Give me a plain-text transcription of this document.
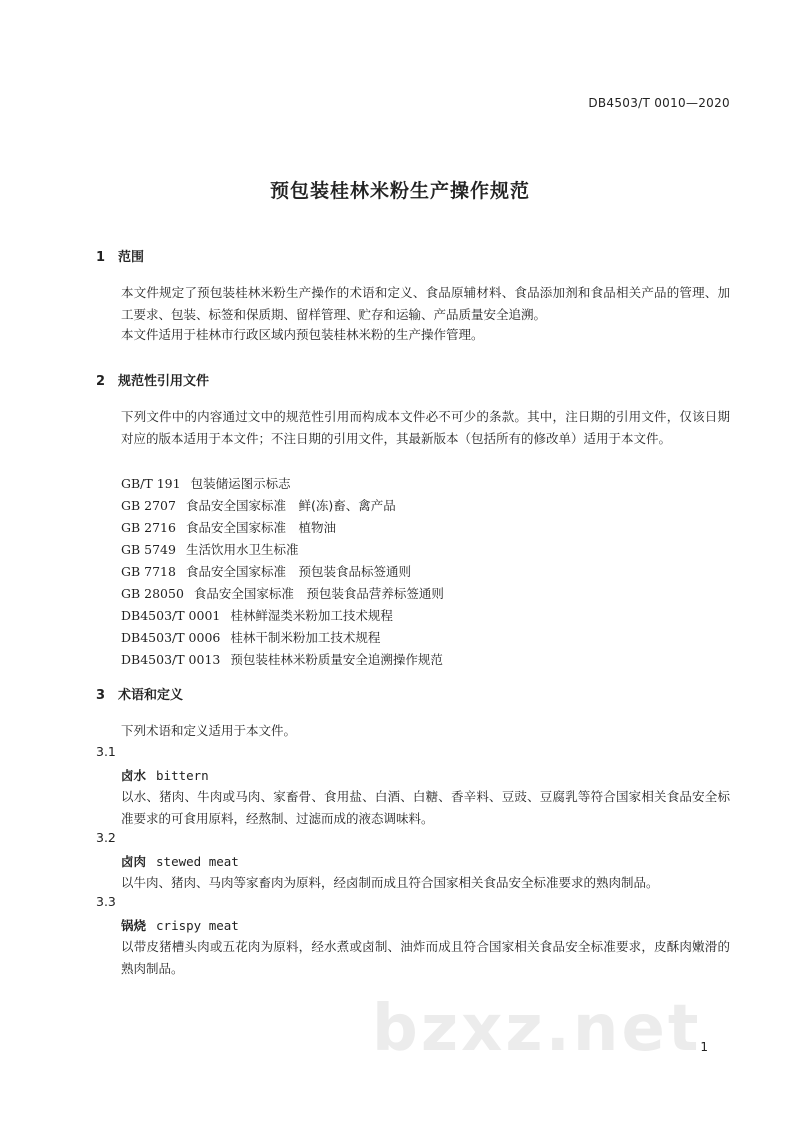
DB4503/T 0010—2020
预包装桂林米粉生产操作规范
1 范围
本文件规定了预包装桂林米粉生产操作的术语和定义、食品原辅材料、食品添加剂和食品相关产品的管理、加工要求、包装、标签和保质期、留样管理、贮存和运输、产品质量安全追溯。
本文件适用于桂林市行政区域内预包装桂林米粉的生产操作管理。
2 规范性引用文件
下列文件中的内容通过文中的规范性引用而构成本文件必不可少的条款。其中，注日期的引用文件，仅该日期对应的版本适用于本文件；不注日期的引用文件，其最新版本（包括所有的修改单）适用于本文件。
GB/T 191 包装储运图示标志
GB 2707 食品安全国家标准　鲜(冻)畜、禽产品
GB 2716 食品安全国家标准　植物油
GB 5749 生活饮用水卫生标准
GB 7718 食品安全国家标准　预包装食品标签通则
GB 28050 食品安全国家标准　预包装食品营养标签通则
DB4503/T 0001 桂林鲜湿类米粉加工技术规程
DB4503/T 0006 桂林干制米粉加工技术规程
DB4503/T 0013 预包装桂林米粉质量安全追溯操作规范
3 术语和定义
下列术语和定义适用于本文件。
3.1
卤水 bittern
以水、猪肉、牛肉或马肉、家畜骨、食用盐、白酒、白糖、香辛料、豆豉、豆腐乳等符合国家相关食品安全标准要求的可食用原料，经熬制、过滤而成的液态调味料。
3.2
卤肉 stewed meat
以牛肉、猪肉、马肉等家畜肉为原料，经卤制而成且符合国家相关食品安全标准要求的熟肉制品。
3.3
锅烧 crispy meat
以带皮猪槽头肉或五花肉为原料，经水煮或卤制、油炸而成且符合国家相关食品安全标准要求，皮酥肉嫩滑的熟肉制品。
bzxz.net
1
